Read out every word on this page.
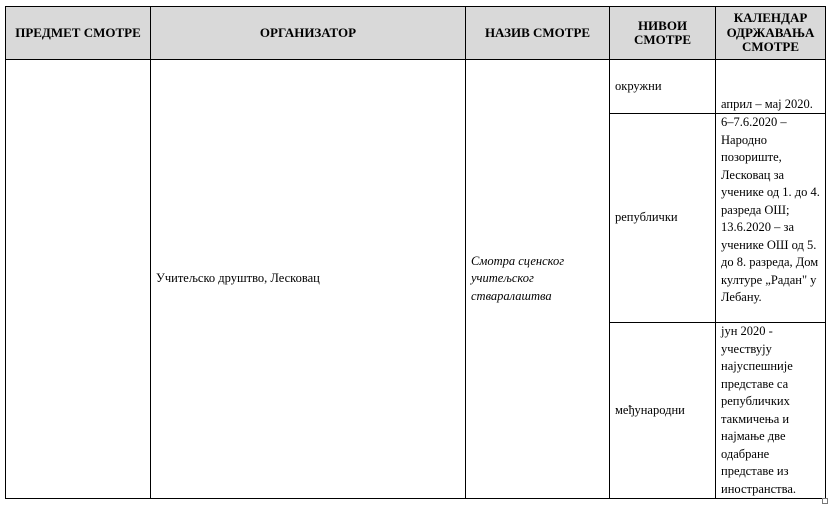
ПРЕДМЕТ СМОТРЕ	ОРГАНИЗАТОР	НАЗИВ СМОТРЕ	НИВОИ СМОТРЕ	КАЛЕНДАР ОДРЖАВАЊА СМОТРЕ
	Учитељско друштво, Лесковац	Смотра сценског учитељског стваралаштва	окружни	април – мај 2020.
			републички	6–7.6.2020 – Народно позориште, Лесковац за ученике од 1. до 4. разреда ОШ; 13.6.2020 – за ученике ОШ од 5. до 8. разреда, Дом културе „Радан" у Лебану.
			међународни	јун 2020 - учествују најуспешније представе са републичких такмичења и најмање две одабране представе из иностранства.
